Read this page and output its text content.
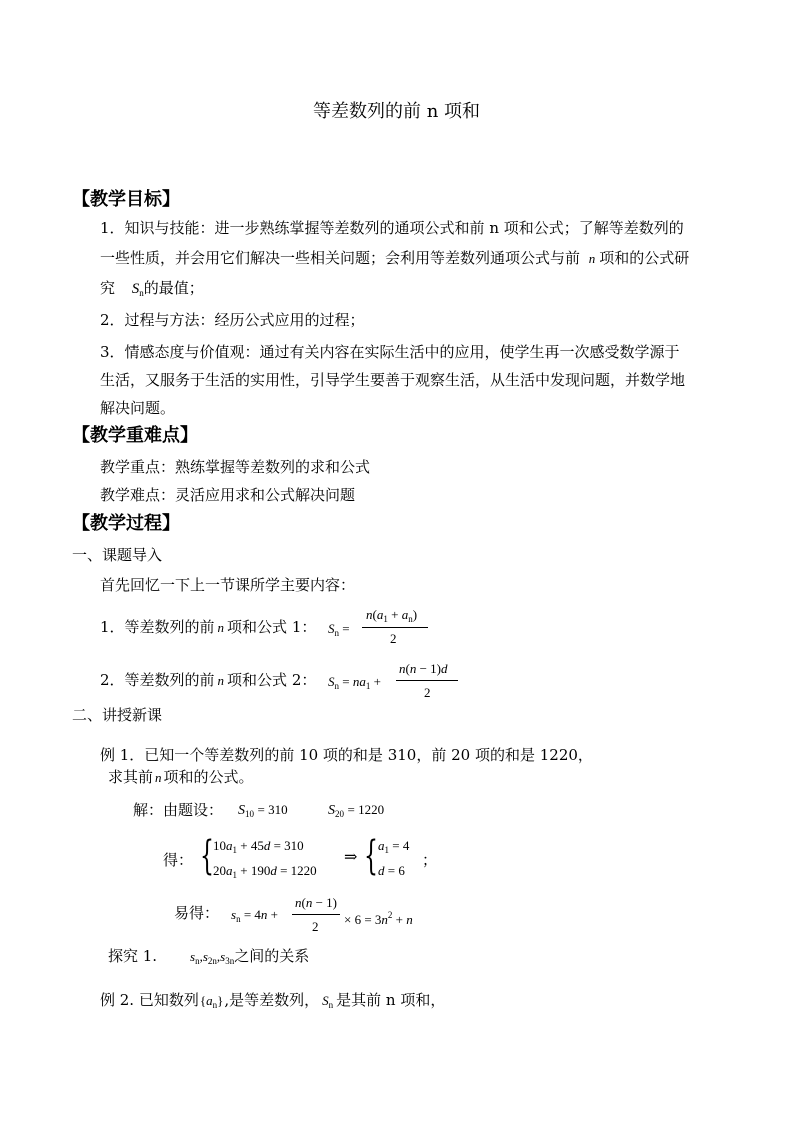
等差数列的前 n 项和
【教学目标】
1．知识与技能：进一步熟练掌握等差数列的通项公式和前 n 项和公式；了解等差数列的
一些性质，并会用它们解决一些相关问题；会利用等差数列通项公式与前 n 项和的公式研
究 $S_n$的最值；
2．过程与方法：经历公式应用的过程；
3．情感态度与价值观：通过有关内容在实际生活中的应用，使学生再一次感受数学源于
生活，又服务于生活的实用性，引导学生要善于观察生活，从生活中发现问题，并数学地
解决问题。
【教学重难点】
教学重点：熟练掌握等差数列的求和公式
教学难点：灵活应用求和公式解决问题
【教学过程】
一、课题导入
首先回忆一下上一节课所学主要内容：
1．等差数列的前 n 项和公式 1： $S_n$ =
$n(a_1 + a_n)$
2
2．等差数列的前 n 项和公式 2： $S_n = na_1$ +
n(n − 1)d
2
二、讲授新课
例 1．已知一个等差数列的前 10 项的和是 310，前 20 项的和是 1220，
求其前 n 项和的公式。
解：由题设： $S_{10} = 310$	$S_{20} = 1220$
得： { $10a_1 + 45d = 310$
$20a_1 + 190d = 1220$
⇒ { $a_1 = 4$
d = 6
；
易得： $s_n = 4n$ +
n(n − 1)
$2 \times 6 = 3n^2 + n$
探究 1.	$s_n,s_{2n},s_{3n}$之间的关系
例 2. 已知数列$\{a_n\}$,是等差数列， $S_n$ 是其前 n 项和，
